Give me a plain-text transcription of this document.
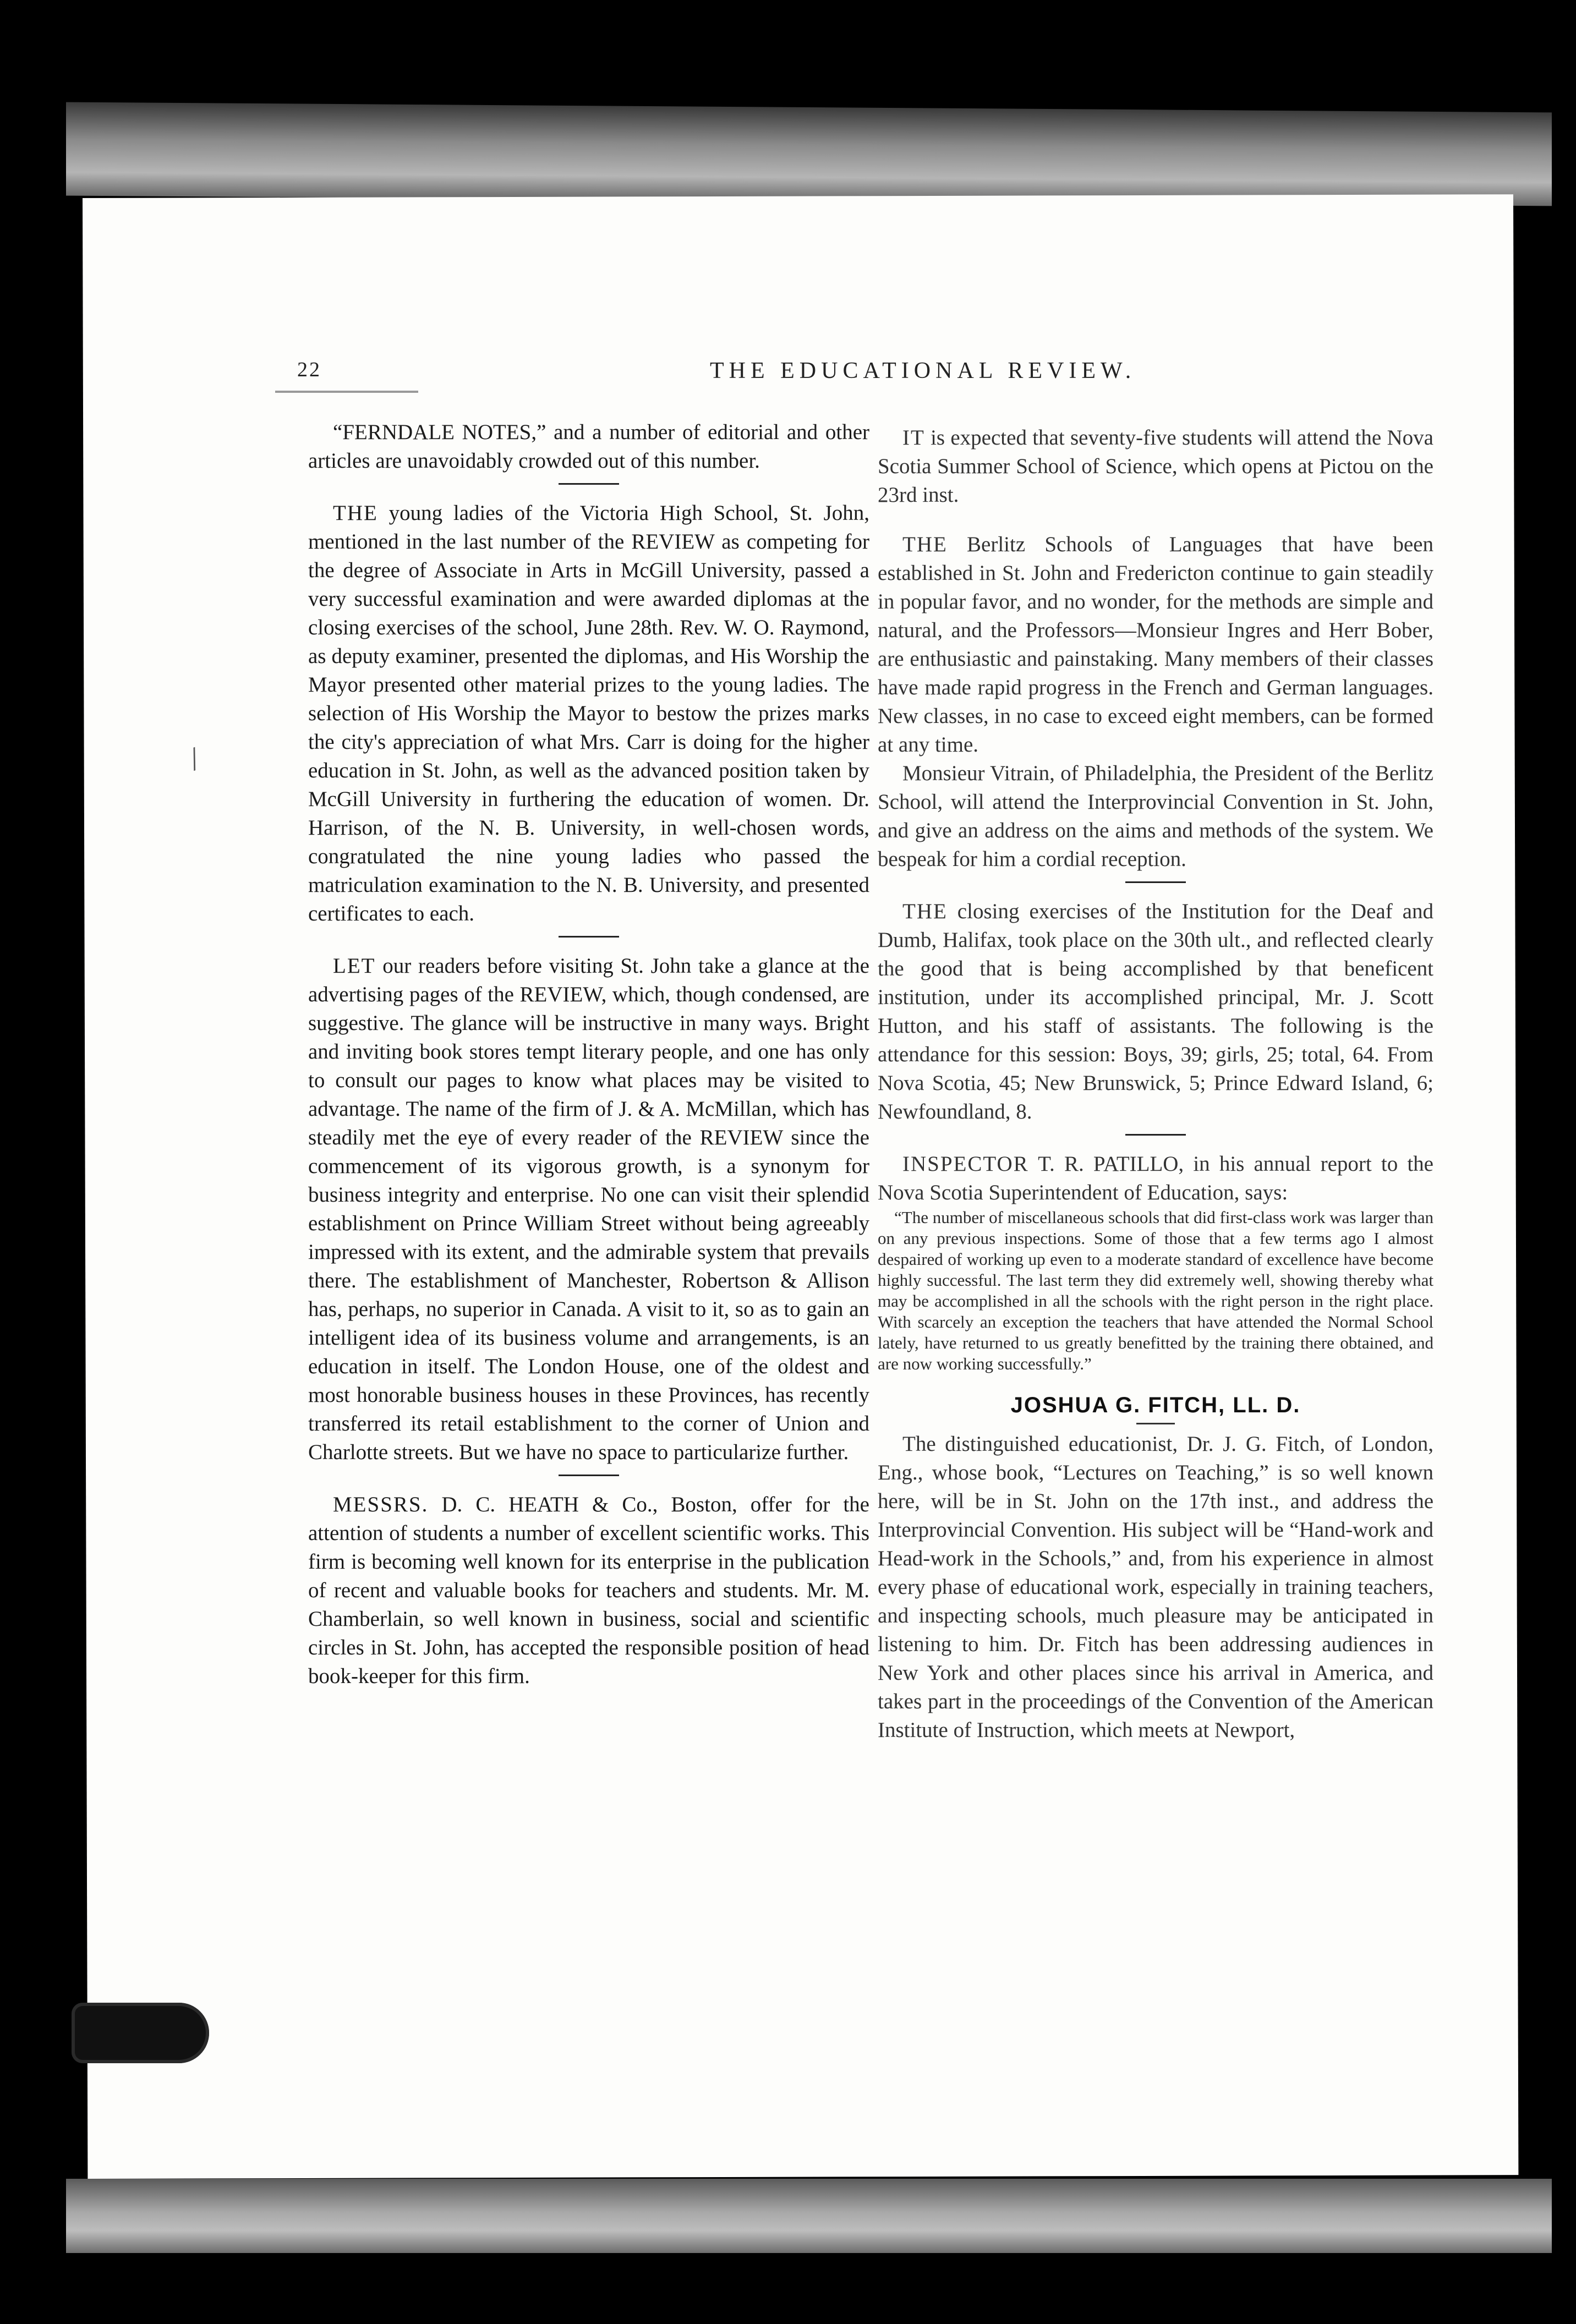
/
22	THE EDUCATIONAL REVIEW.

“FERNDALE NOTES,” and a number of editorial and other articles are unavoidably crowded out of this number.

THE young ladies of the Victoria High School, St. John, mentioned in the last number of the REVIEW as competing for the degree of Associate in Arts in McGill University, passed a very successful examination and were awarded diplomas at the closing exercises of the school, June 28th. Rev. W. O. Raymond, as deputy examiner, presented the diplomas, and His Worship the Mayor presented other material prizes to the young ladies. The selection of His Worship the Mayor to bestow the prizes marks the city's appreciation of what Mrs. Carr is doing for the higher education in St. John, as well as the advanced position taken by McGill University in furthering the education of women. Dr. Harrison, of the N. B. University, in well-chosen words, congratulated the nine young ladies who passed the matriculation examination to the N. B. University, and presented certificates to each.

LET our readers before visiting St. John take a glance at the advertising pages of the REVIEW, which, though condensed, are suggestive. The glance will be instructive in many ways. Bright and inviting book stores tempt literary people, and one has only to consult our pages to know what places may be visited to advantage. The name of the firm of J. & A. McMillan, which has steadily met the eye of every reader of the REVIEW since the commencement of its vigorous growth, is a synonym for business integrity and enterprise. No one can visit their splendid establishment on Prince William Street without being agreeably impressed with its extent, and the admirable system that prevails there. The establishment of Manchester, Robertson & Allison has, perhaps, no superior in Canada. A visit to it, so as to gain an intelligent idea of its business volume and arrangements, is an education in itself. The London House, one of the oldest and most honorable business houses in these Provinces, has recently transferred its retail establishment to the corner of Union and Charlotte streets. But we have no space to particularize further.

MESSRS. D. C. HEATH & Co., Boston, offer for the attention of students a number of excellent scientific works. This firm is becoming well known for its enterprise in the publication of recent and valuable books for teachers and students. Mr. M. Chamberlain, so well known in business, social and scientific circles in St. John, has accepted the responsible position of head book-keeper for this firm.

IT is expected that seventy-five students will attend the Nova Scotia Summer School of Science, which opens at Pictou on the 23rd inst.

THE Berlitz Schools of Languages that have been established in St. John and Fredericton continue to gain steadily in popular favor, and no wonder, for the methods are simple and natural, and the Professors—Monsieur Ingres and Herr Bober, are enthusiastic and painstaking. Many members of their classes have made rapid progress in the French and German languages. New classes, in no case to exceed eight members, can be formed at any time.

Monsieur Vitrain, of Philadelphia, the President of the Berlitz School, will attend the Interprovincial Convention in St. John, and give an address on the aims and methods of the system. We bespeak for him a cordial reception.

THE closing exercises of the Institution for the Deaf and Dumb, Halifax, took place on the 30th ult., and reflected clearly the good that is being accomplished by that beneficent institution, under its accomplished principal, Mr. J. Scott Hutton, and his staff of assistants. The following is the attendance for this session: Boys, 39; girls, 25; total, 64. From Nova Scotia, 45; New Brunswick, 5; Prince Edward Island, 6; Newfoundland, 8.

INSPECTOR T. R. PATILLO, in his annual report to the Nova Scotia Superintendent of Education, says:

“The number of miscellaneous schools that did first-class work was larger than on any previous inspections. Some of those that a few terms ago I almost despaired of working up even to a moderate standard of excellence have become highly successful. The last term they did extremely well, showing thereby what may be accomplished in all the schools with the right person in the right place. With scarcely an exception the teachers that have attended the Normal School lately, have returned to us greatly benefitted by the training there obtained, and are now working successfully.”

JOSHUA G. FITCH, LL. D.

The distinguished educationist, Dr. J. G. Fitch, of London, Eng., whose book, “Lectures on Teaching,” is so well known here, will be in St. John on the 17th inst., and address the Interprovincial Convention. His subject will be “Hand-work and Head-work in the Schools,” and, from his experience in almost every phase of educational work, especially in training teachers, and inspecting schools, much pleasure may be anticipated in listening to him. Dr. Fitch has been addressing audiences in New York and other places since his arrival in America, and takes part in the proceedings of the Convention of the American Institute of Instruction, which meets at Newport,
